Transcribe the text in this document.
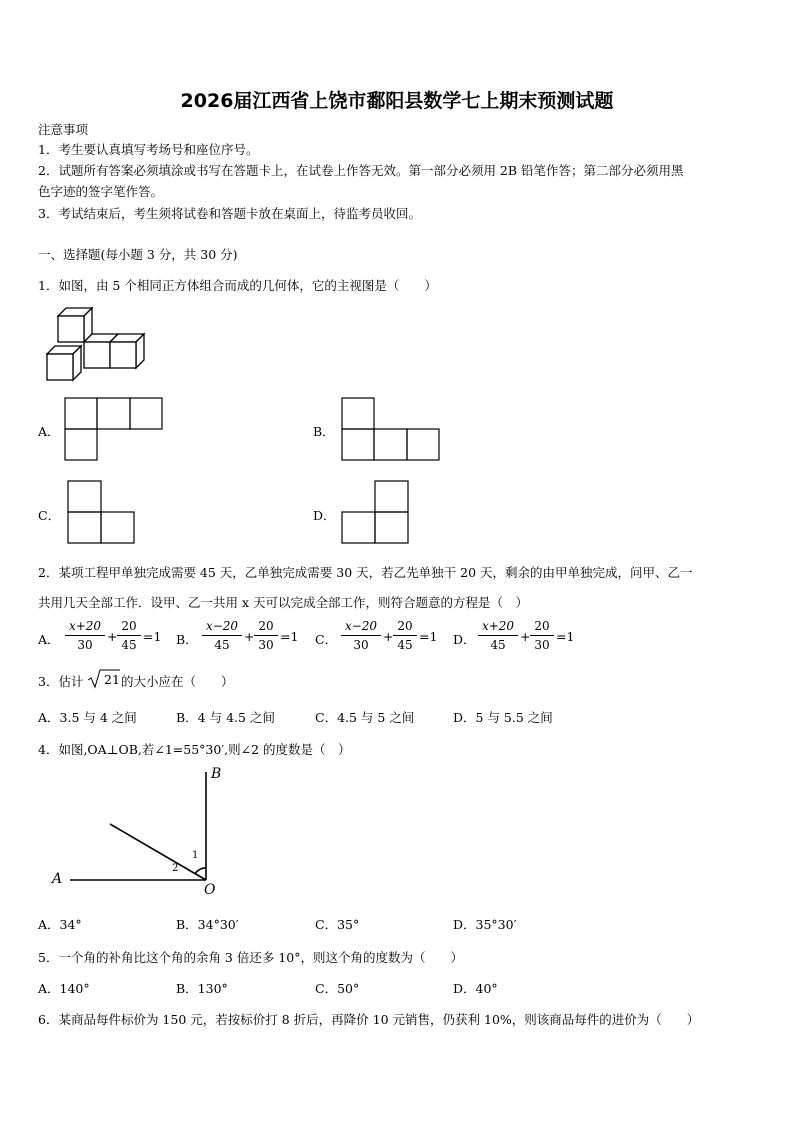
2026届江西省上饶市鄱阳县数学七上期末预测试题
注意事项
1．考生要认真填写考场号和座位序号。
2．试题所有答案必须填涂或书写在答题卡上，在试卷上作答无效。第一部分必须用 2B 铅笔作答；第二部分必须用黑
色字迹的签字笔作答。
3．考试结束后，考生须将试卷和答题卡放在桌面上，待监考员收回。
一、选择题(每小题 3 分，共 30 分)
1．如图，由 5 个相同正方体组合而成的几何体，它的主视图是（　　）
A．	B．
C．	D．
2．某项工程甲单独完成需要 45 天，乙单独完成需要 30 天，若乙先单独干 20 天，剩余的由甲单独完成，问甲、乙一
共用几天全部工作．设甲、乙一共用 x 天可以完成全部工作，则符合题意的方程是（　）
A． $\frac{x+20}{30} + \frac{20}{45} =1$ B． $\frac{x-20}{45} + \frac{20}{30} =1$ C． $\frac{x-20}{30} + \frac{20}{45} =1$ D． $\frac{x+20}{45} + \frac{20}{30} =1$
3．估计 21 的大小应在（　　）
A．3.5 与 4 之间	B．4 与 4.5 之间	C．4.5 与 5 之间	D．5 与 5.5 之间
4．如图,OA⊥OB,若∠1=55°30′,则∠2 的度数是（　）
A
B
O
1
2
A．34°	B．34°30′	C．35°	D．35°30′
5．一个角的补角比这个角的余角 3 倍还多 10°，则这个角的度数为（　　）
A．140°	B．130°	C．50°	D．40°
6．某商品每件标价为 150 元，若按标价打 8 折后，再降价 10 元销售，仍获利 10%，则该商品每件的进价为（　　）
